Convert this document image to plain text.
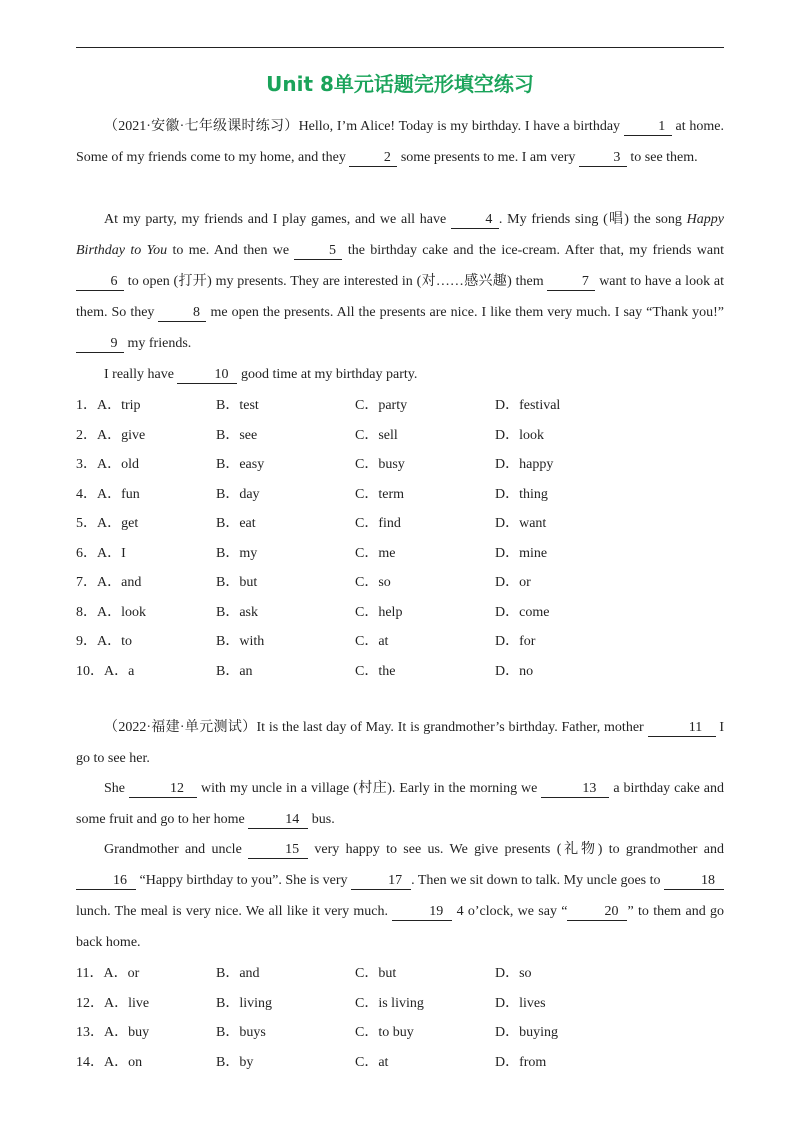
Unit 8单元话题完形填空练习
（2021·安徽·七年级课时练习）Hello, I’m Alice! Today is my birthday. I have a birthday 1 at home. Some of my friends come to my home, and they 2 some presents to me. I am very 3 to see them.
At my party, my friends and I play games, and we all have 4 . My friends sing (唱) the song Happy Birthday to You to me. And then we 5 the birthday cake and the ice-cream. After that, my friends want 6 to open (打开) my presents. They are interested in (对……感兴趣) them 7 want to have a look at them. So they 8 me open the presents. All the presents are nice. I like them very much. I say “Thank you!” 9 my friends.
I really have	10 good time at my birthday party.
1．A．trip	B．test	C．party	D．festival
2．A．give	B．see	C．sell	D．look
3．A．old	B．easy	C．busy	D．happy
4．A．fun	B．day	C．term	D．thing
5．A．get	B．eat	C．find	D．want
6．A．I	B．my	C．me	D．mine
7．A．and	B．but	C．so	D．or
8．A．look	B．ask	C．help	D．come
9．A．to	B．with	C．at	D．for
10．A．a	B．an	C．the	D．no
（2022·福建·单元测试）It is the last day of May. It is grandmother’s birthday. Father, mother	11 I go to see her.
She	12 with my uncle in a village (村庄). Early in the morning we	13 a birthday cake and some fruit and go to her home	14 bus.
Grandmother and uncle	15 very happy to see us. We give presents (礼物) to grandmother and 16 “Happy birthday to you”. She is very	17 . Then we sit down to talk. My uncle goes to	18 lunch. The meal is very nice. We all like it very much.	19 4 o’clock, we say “	20 ” to them and go back home.
11．A．or	B．and	C．but	D．so
12．A．live	B．living	C．is living	D．lives
13．A．buy	B．buys	C．to buy	D．buying
14．A．on	B．by	C．at	D．from
